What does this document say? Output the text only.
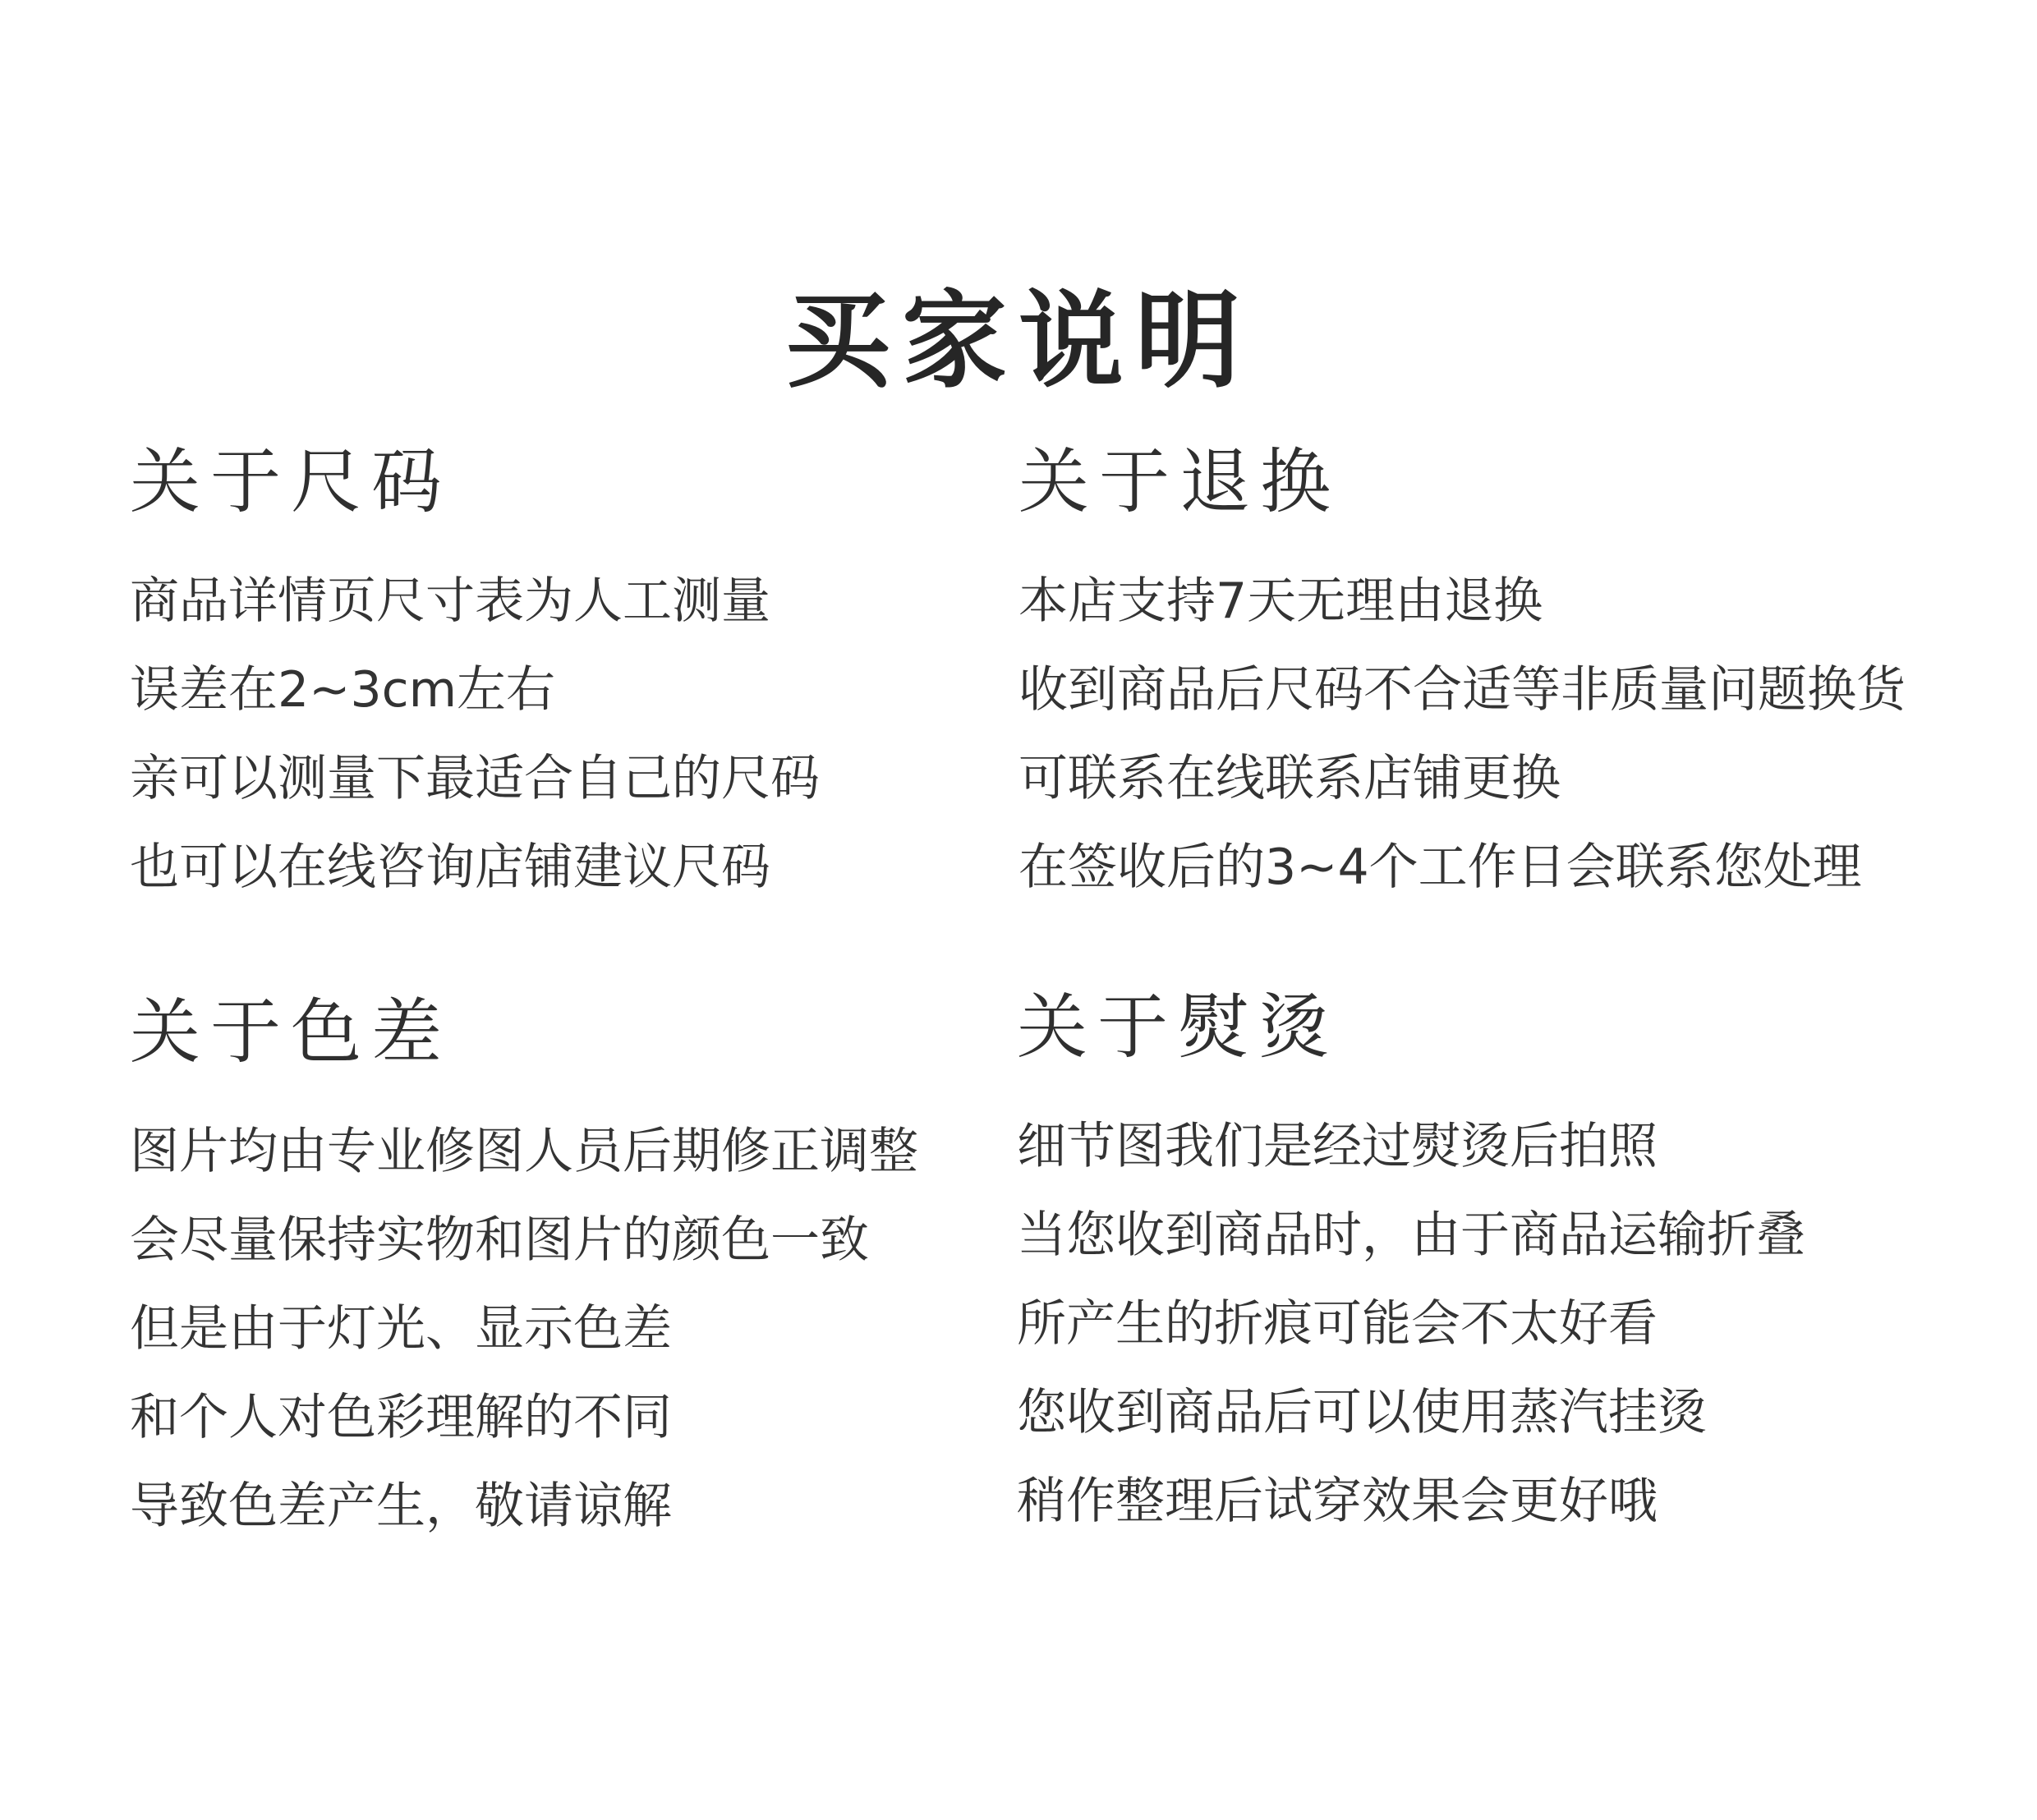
买家说明
关于尺码
商品详情页尺寸表为人工测量
误差在2~3cm左右
亲可以测量下最适合自己的尺码
也可以在线咨询店铺建议尺码
关于退换
本店支持7天无理由退换
收到商品后尺码不合适等非质量问题换货
可联系在线联系店铺更换
在签收后的3~4个工作日会联系您处理
关于色差
图片均由专业修图人员后期修正调整
会尽量保持实物和图片的颜色一致
但是由于灯光、显示色差
和个人对色彩理解的不同
导致色差产生，敬请谅解
关于熨烫
细节图我们是经过熨烫后拍照
当您收到商品时，由于商品运输折叠
所产生的折痕可能会不太好看
您收到商品后可以使用蒸汽挂烫
稍作整理后试穿效果会更好哦
